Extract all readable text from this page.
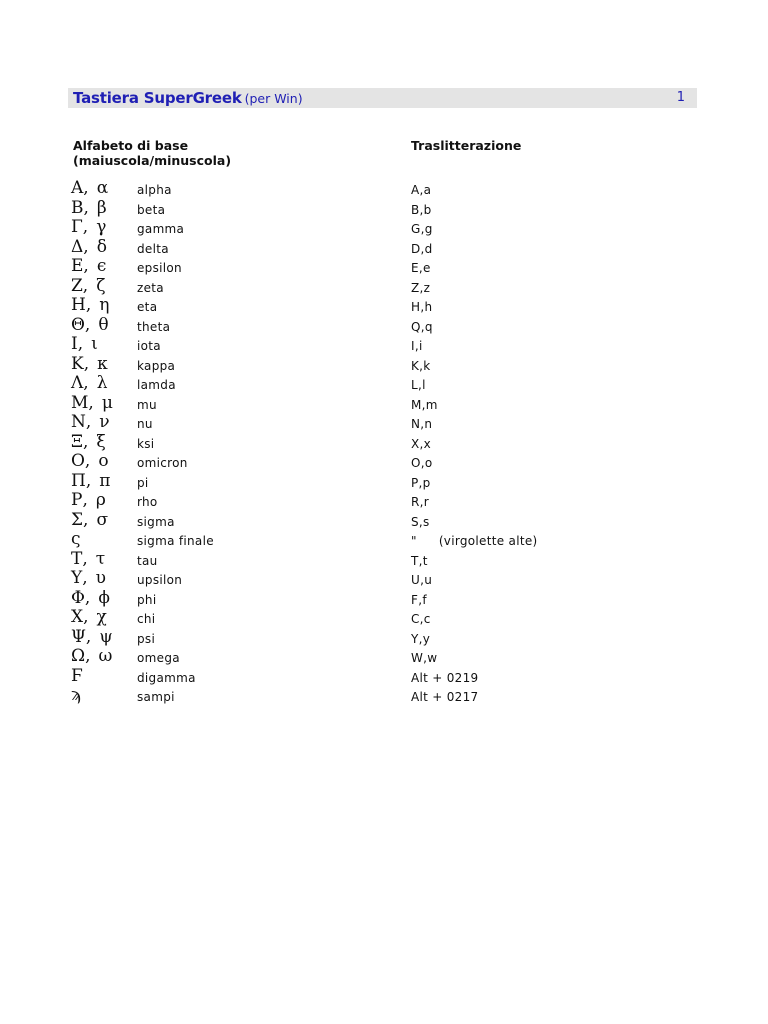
Tastiera SuperGreek (per Win)	1
Alfabeto di base
(maiuscola/minuscola)
Traslitterazione
Α, α alpha	A,a
Β, β	beta	B,b
Γ, γ	gamma	G,g
Δ, δ	delta	D,d
Ε, ϵ	epsilon	E,e
Ζ, ζ	zeta	Z,z
Η, η eta	H,h
Θ, θ theta	Q,q
Ι, ι	iota	I,i
Κ, κ kappa	K,k
Λ, λ lamda	L,l
Μ, μ mu	M,m
Ν, ν nu	N,n
Ξ, ξ	ksi	X,x
Ο, ο omicron	O,o
Π, π pi	P,p
Ρ, ρ	rho	R,r
Σ, σ sigma	S,s
ς	sigma finale	" (virgolette alte)
Τ, τ	tau	T,t
Υ, υ	upsilon	U,u
Φ, ϕ phi	F,f
Χ, χ	chi	C,c
Ψ, ψ psi	Y,y
Ω, ω omega	W,w
Ϝ	digamma	Alt + 0219
ϡ	sampi	Alt + 0217
